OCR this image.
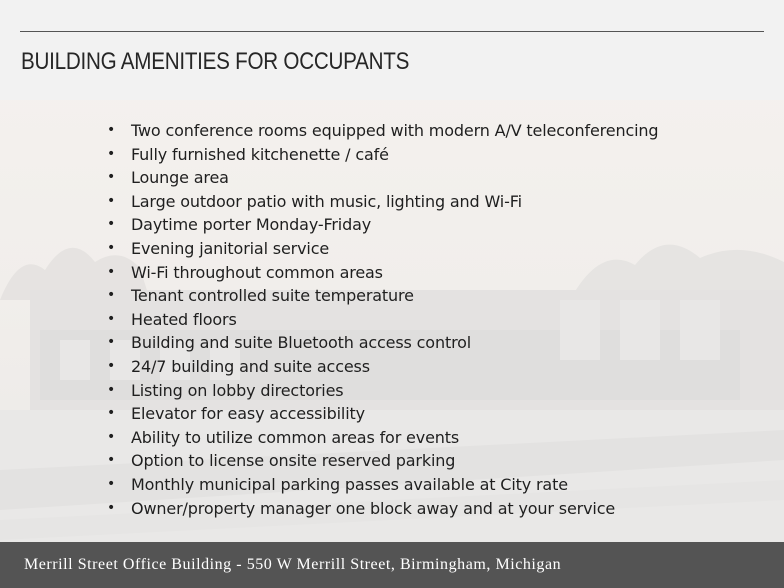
BUILDING AMENITIES FOR OCCUPANTS
• Two conference rooms equipped with modern A/V teleconferencing
• Fully furnished kitchenette / café
• Lounge area
• Large outdoor patio with music, lighting and Wi-Fi
• Daytime porter Monday-Friday
• Evening janitorial service
• Wi-Fi throughout common areas
• Tenant controlled suite temperature
• Heated floors
• Building and suite Bluetooth access control
• 24/7 building and suite access
• Listing on lobby directories
• Elevator for easy accessibility
• Ability to utilize common areas for events
• Option to license onsite reserved parking
• Monthly municipal parking passes available at City rate
• Owner/property manager one block away and at your service
Merrill Street Office Building - 550 W Merrill Street, Birmingham, Michigan
